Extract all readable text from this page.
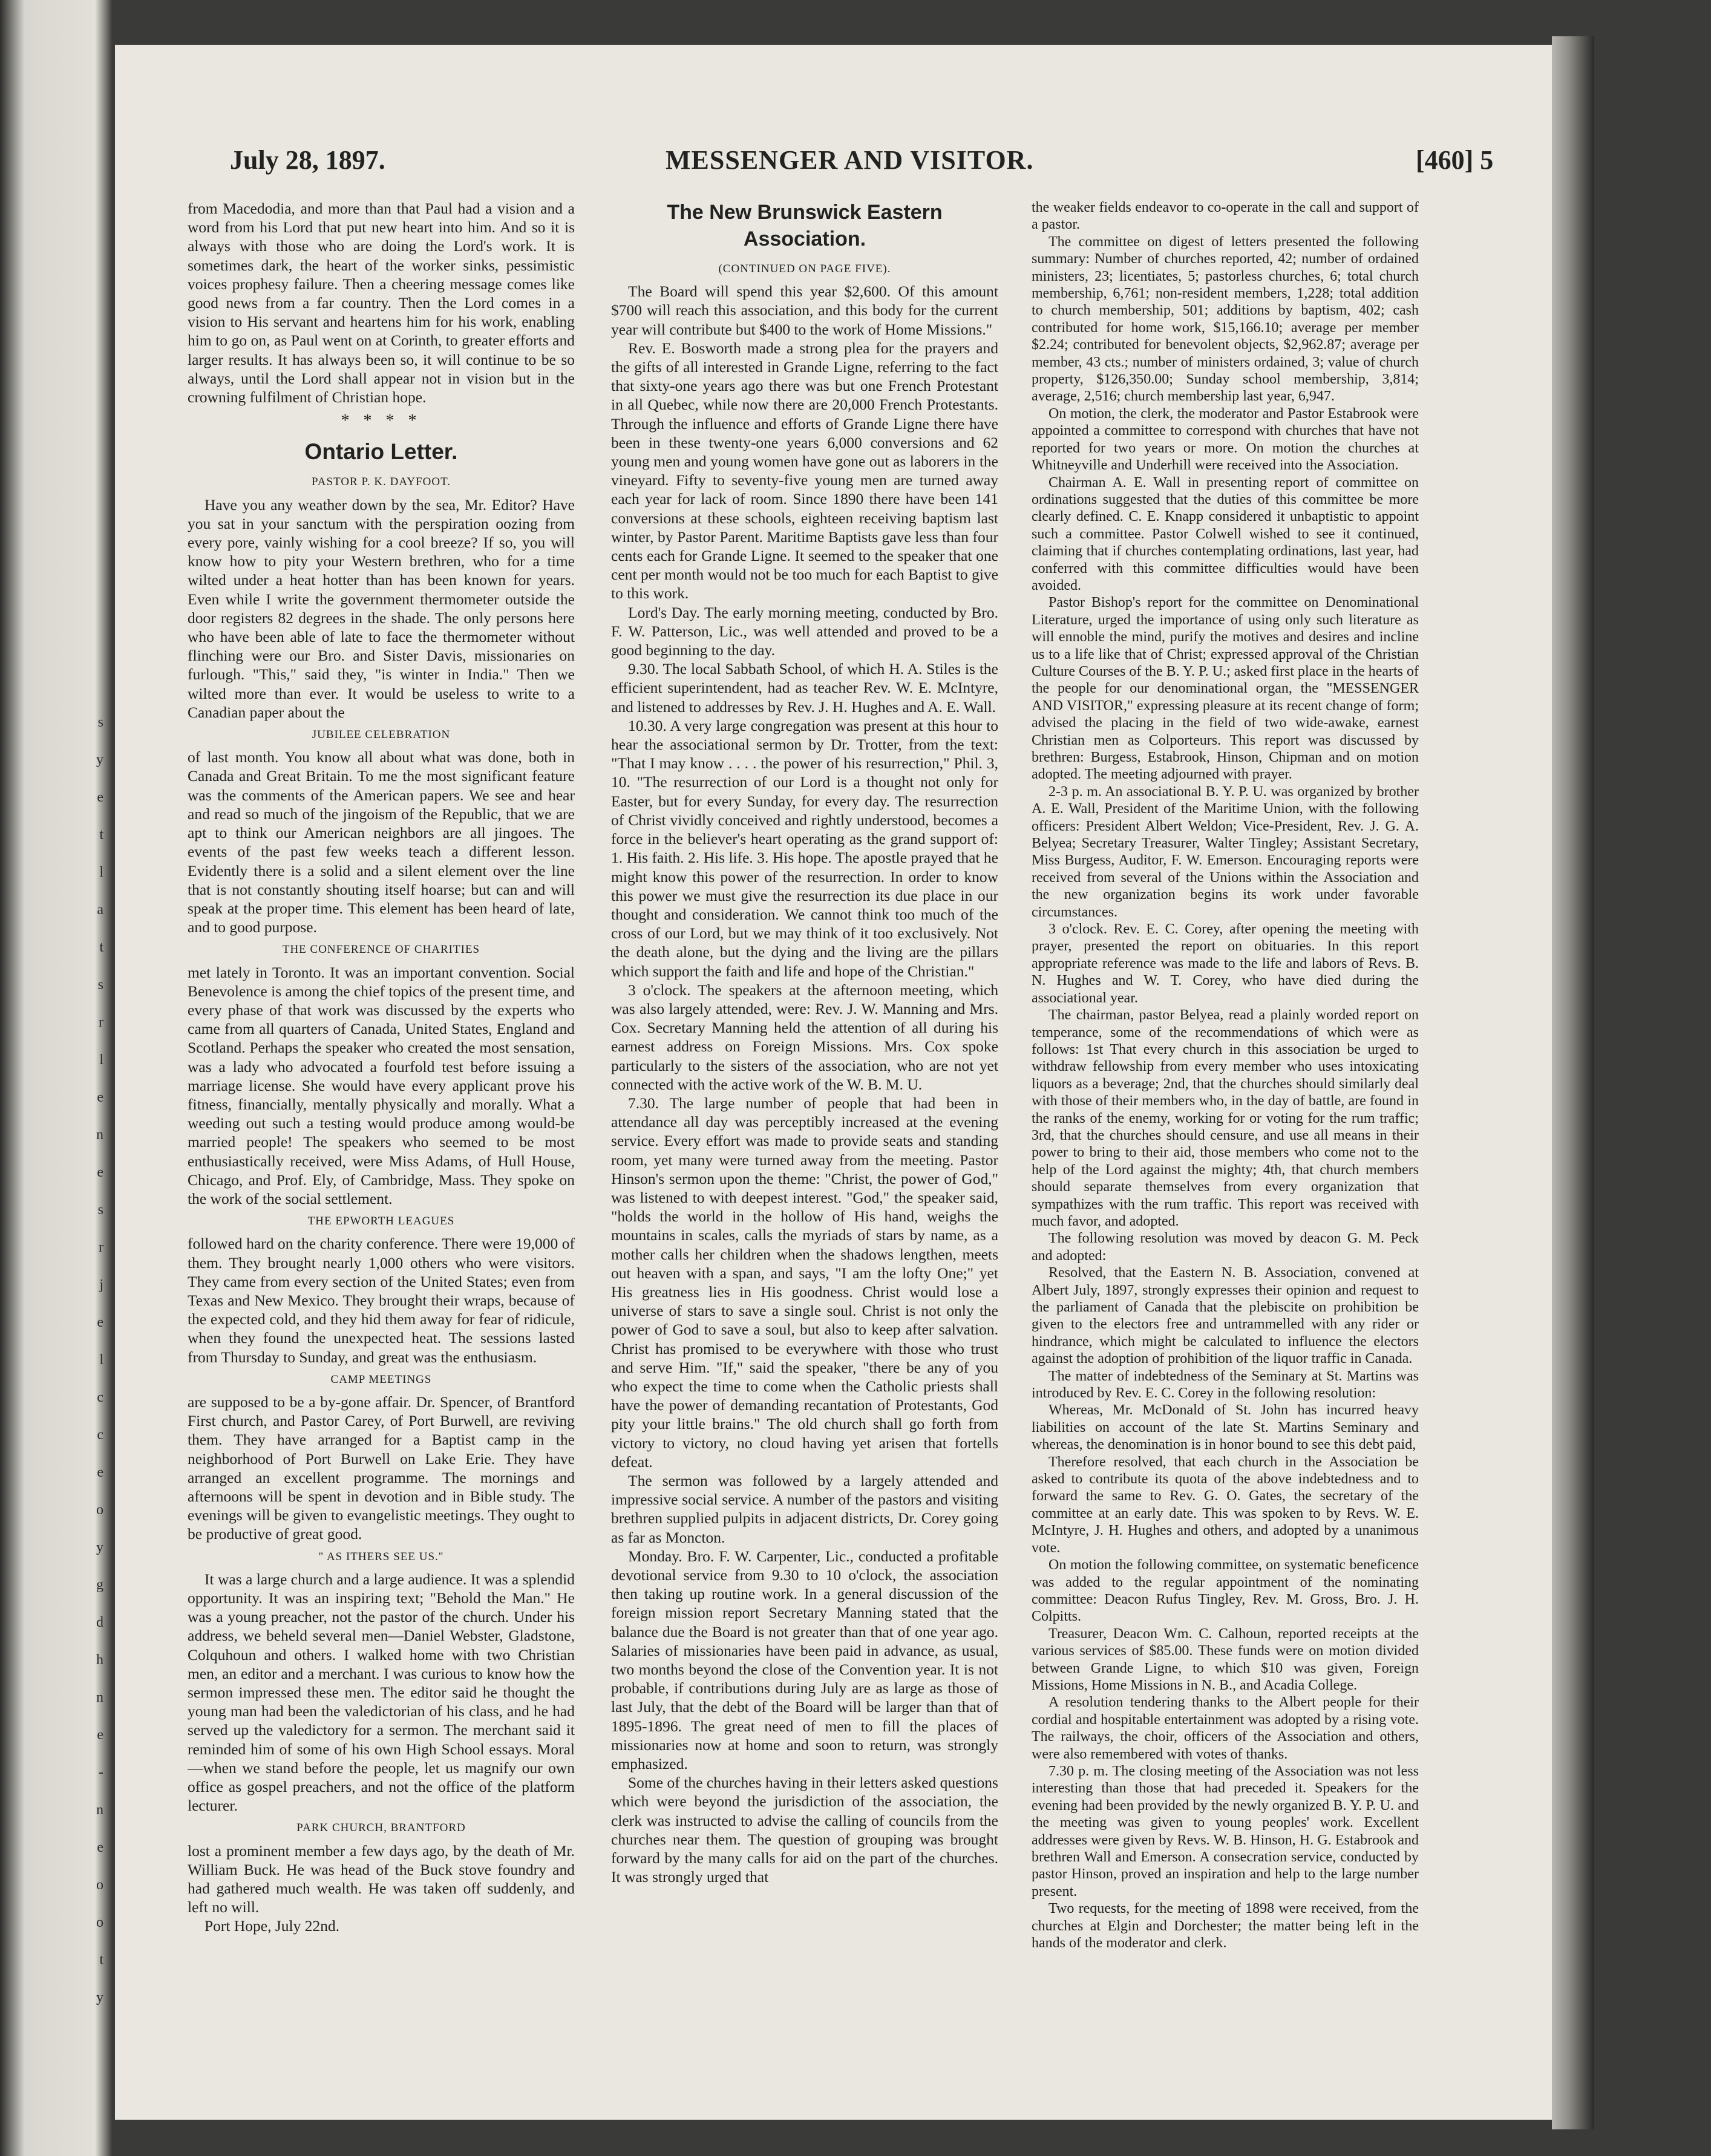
s
y
e
t
l
a
t
s
r
l
e
n
e
s
r
j
e
l
c
c
e
o
y
g
d
h
n
e
-
n
e
o
o
t
y
July 28, 1897.	MESSENGER AND VISITOR.	[460] 5

from Macedodia, and more than that Paul had a vision and a word from his Lord that put new heart into him. And so it is always with those who are doing the Lord's work. It is sometimes dark, the heart of the worker sinks, pessimistic voices prophesy failure. Then a cheering message comes like good news from a far country. Then the Lord comes in a vision to His servant and heartens him for his work, enabling him to go on, as Paul went on at Corinth, to greater efforts and larger results. It has always been so, it will continue to be so always, until the Lord shall appear not in vision but in the crowning fulfilment of Christian hope.

* * * *
Ontario Letter.
PASTOR P. K. DAYFOOT.

Have you any weather down by the sea, Mr. Editor? Have you sat in your sanctum with the perspiration oozing from every pore, vainly wishing for a cool breeze? If so, you will know how to pity your Western brethren, who for a time wilted under a heat hotter than has been known for years. Even while I write the government thermometer outside the door registers 82 degrees in the shade. The only persons here who have been able of late to face the thermometer without flinching were our Bro. and Sister Davis, missionaries on furlough. "This," said they, "is winter in India." Then we wilted more than ever. It would be useless to write to a Canadian paper about the

JUBILEE CELEBRATION

of last month. You know all about what was done, both in Canada and Great Britain. To me the most significant feature was the comments of the American papers. We see and hear and read so much of the jingoism of the Republic, that we are apt to think our American neighbors are all jingoes. The events of the past few weeks teach a different lesson. Evidently there is a solid and a silent element over the line that is not constantly shouting itself hoarse; but can and will speak at the proper time. This element has been heard of late, and to good purpose.

THE CONFERENCE OF CHARITIES

met lately in Toronto. It was an important convention. Social Benevolence is among the chief topics of the present time, and every phase of that work was discussed by the experts who came from all quarters of Canada, United States, England and Scotland. Perhaps the speaker who created the most sensation, was a lady who advocated a fourfold test before issuing a marriage license. She would have every applicant prove his fitness, financially, mentally physically and morally. What a weeding out such a testing would produce among would-be married people! The speakers who seemed to be most enthusiastically received, were Miss Adams, of Hull House, Chicago, and Prof. Ely, of Cambridge, Mass. They spoke on the work of the social settlement.

THE EPWORTH LEAGUES

followed hard on the charity conference. There were 19,000 of them. They brought nearly 1,000 others who were visitors. They came from every section of the United States; even from Texas and New Mexico. They brought their wraps, because of the expected cold, and they hid them away for fear of ridicule, when they found the unexpected heat. The sessions lasted from Thursday to Sunday, and great was the enthusiasm.

CAMP MEETINGS

are supposed to be a by-gone affair. Dr. Spencer, of Brantford First church, and Pastor Carey, of Port Burwell, are reviving them. They have arranged for a Baptist camp in the neighborhood of Port Burwell on Lake Erie. They have arranged an excellent programme. The mornings and afternoons will be spent in devotion and in Bible study. The evenings will be given to evangelistic meetings. They ought to be productive of great good.

" AS ITHERS SEE US."

It was a large church and a large audience. It was a splendid opportunity. It was an inspiring text; "Behold the Man." He was a young preacher, not the pastor of the church. Under his address, we beheld several men—Daniel Webster, Gladstone, Colquhoun and others. I walked home with two Christian men, an editor and a merchant. I was curious to know how the sermon impressed these men. The editor said he thought the young man had been the valedictorian of his class, and he had served up the valedictory for a sermon. The merchant said it reminded him of some of his own High School essays. Moral—when we stand before the people, let us magnify our own office as gospel preachers, and not the office of the platform lecturer.

PARK CHURCH, BRANTFORD

lost a prominent member a few days ago, by the death of Mr. William Buck. He was head of the Buck stove foundry and had gathered much wealth. He was taken off suddenly, and left no will.

Port Hope, July 22nd.

The New Brunswick Eastern Association.
(CONTINUED ON PAGE FIVE).

The Board will spend this year $2,600. Of this amount $700 will reach this association, and this body for the current year will contribute but $400 to the work of Home Missions."

Rev. E. Bosworth made a strong plea for the prayers and the gifts of all interested in Grande Ligne, referring to the fact that sixty-one years ago there was but one French Protestant in all Quebec, while now there are 20,000 French Protestants. Through the influence and efforts of Grande Ligne there have been in these twenty-one years 6,000 conversions and 62 young men and young women have gone out as laborers in the vineyard. Fifty to seventy-five young men are turned away each year for lack of room. Since 1890 there have been 141 conversions at these schools, eighteen receiving baptism last winter, by Pastor Parent. Maritime Baptists gave less than four cents each for Grande Ligne. It seemed to the speaker that one cent per month would not be too much for each Baptist to give to this work.

Lord's Day. The early morning meeting, conducted by Bro. F. W. Patterson, Lic., was well attended and proved to be a good beginning to the day.

9.30. The local Sabbath School, of which H. A. Stiles is the efficient superintendent, had as teacher Rev. W. E. McIntyre, and listened to addresses by Rev. J. H. Hughes and A. E. Wall.

10.30. A very large congregation was present at this hour to hear the associational sermon by Dr. Trotter, from the text: "That I may know . . . . the power of his resurrection," Phil. 3, 10. "The resurrection of our Lord is a thought not only for Easter, but for every Sunday, for every day. The resurrection of Christ vividly conceived and rightly understood, becomes a force in the believer's heart operating as the grand support of: 1. His faith. 2. His life. 3. His hope. The apostle prayed that he might know this power of the resurrection. In order to know this power we must give the resurrection its due place in our thought and consideration. We cannot think too much of the cross of our Lord, but we may think of it too exclusively. Not the death alone, but the dying and the living are the pillars which support the faith and life and hope of the Christian."

3 o'clock. The speakers at the afternoon meeting, which was also largely attended, were: Rev. J. W. Manning and Mrs. Cox. Secretary Manning held the attention of all during his earnest address on Foreign Missions. Mrs. Cox spoke particularly to the sisters of the association, who are not yet connected with the active work of the W. B. M. U.

7.30. The large number of people that had been in attendance all day was perceptibly increased at the evening service. Every effort was made to provide seats and standing room, yet many were turned away from the meeting. Pastor Hinson's sermon upon the theme: "Christ, the power of God," was listened to with deepest interest. "God," the speaker said, "holds the world in the hollow of His hand, weighs the mountains in scales, calls the myriads of stars by name, as a mother calls her children when the shadows lengthen, meets out heaven with a span, and says, "I am the lofty One;" yet His greatness lies in His goodness. Christ would lose a universe of stars to save a single soul. Christ is not only the power of God to save a soul, but also to keep after salvation. Christ has promised to be everywhere with those who trust and serve Him. "If," said the speaker, "there be any of you who expect the time to come when the Catholic priests shall have the power of demanding recantation of Protestants, God pity your little brains." The old church shall go forth from victory to victory, no cloud having yet arisen that fortells defeat.

The sermon was followed by a largely attended and impressive social service. A number of the pastors and visiting brethren supplied pulpits in adjacent districts, Dr. Corey going as far as Moncton.

Monday. Bro. F. W. Carpenter, Lic., conducted a profitable devotional service from 9.30 to 10 o'clock, the association then taking up routine work. In a general discussion of the foreign mission report Secretary Manning stated that the balance due the Board is not greater than that of one year ago. Salaries of missionaries have been paid in advance, as usual, two months beyond the close of the Convention year. It is not probable, if contributions during July are as large as those of last July, that the debt of the Board will be larger than that of 1895-1896. The great need of men to fill the places of missionaries now at home and soon to return, was strongly emphasized.

Some of the churches having in their letters asked questions which were beyond the jurisdiction of the association, the clerk was instructed to advise the calling of councils from the churches near them. The question of grouping was brought forward by the many calls for aid on the part of the churches. It was strongly urged that

the weaker fields endeavor to co-operate in the call and support of a pastor.

The committee on digest of letters presented the following summary: Number of churches reported, 42; number of ordained ministers, 23; licentiates, 5; pastorless churches, 6; total church membership, 6,761; non-resident members, 1,228; total addition to church membership, 501; additions by baptism, 402; cash contributed for home work, $15,166.10; average per member $2.24; contributed for benevolent objects, $2,962.87; average per member, 43 cts.; number of ministers ordained, 3; value of church property, $126,350.00; Sunday school membership, 3,814; average, 2,516; church membership last year, 6,947.

On motion, the clerk, the moderator and Pastor Estabrook were appointed a committee to correspond with churches that have not reported for two years or more. On motion the churches at Whitneyville and Underhill were received into the Association.

Chairman A. E. Wall in presenting report of committee on ordinations suggested that the duties of this committee be more clearly defined. C. E. Knapp considered it unbaptistic to appoint such a committee. Pastor Colwell wished to see it continued, claiming that if churches contemplating ordinations, last year, had conferred with this committee difficulties would have been avoided.

Pastor Bishop's report for the committee on Denominational Literature, urged the importance of using only such literature as will ennoble the mind, purify the motives and desires and incline us to a life like that of Christ; expressed approval of the Christian Culture Courses of the B. Y. P. U.; asked first place in the hearts of the people for our denominational organ, the "MESSENGER AND VISITOR," expressing pleasure at its recent change of form; advised the placing in the field of two wide-awake, earnest Christian men as Colporteurs. This report was discussed by brethren: Burgess, Estabrook, Hinson, Chipman and on motion adopted. The meeting adjourned with prayer.

2-3 p. m. An associational B. Y. P. U. was organized by brother A. E. Wall, President of the Maritime Union, with the following officers: President Albert Weldon; Vice-President, Rev. J. G. A. Belyea; Secretary Treasurer, Walter Tingley; Assistant Secretary, Miss Burgess, Auditor, F. W. Emerson. Encouraging reports were received from several of the Unions within the Association and the new organization begins its work under favorable circumstances.

3 o'clock. Rev. E. C. Corey, after opening the meeting with prayer, presented the report on obituaries. In this report appropriate reference was made to the life and labors of Revs. B. N. Hughes and W. T. Corey, who have died during the associational year.

The chairman, pastor Belyea, read a plainly worded report on temperance, some of the recommendations of which were as follows: 1st That every church in this association be urged to withdraw fellowship from every member who uses intoxicating liquors as a beverage; 2nd, that the churches should similarly deal with those of their members who, in the day of battle, are found in the ranks of the enemy, working for or voting for the rum traffic; 3rd, that the churches should censure, and use all means in their power to bring to their aid, those members who come not to the help of the Lord against the mighty; 4th, that church members should separate themselves from every organization that sympathizes with the rum traffic. This report was received with much favor, and adopted.

The following resolution was moved by deacon G. M. Peck and adopted:

Resolved, that the Eastern N. B. Association, convened at Albert July, 1897, strongly expresses their opinion and request to the parliament of Canada that the plebiscite on prohibition be given to the electors free and untrammelled with any rider or hindrance, which might be calculated to influence the electors against the adoption of prohibition of the liquor traffic in Canada.

The matter of indebtedness of the Seminary at St. Martins was introduced by Rev. E. C. Corey in the following resolution:

Whereas, Mr. McDonald of St. John has incurred heavy liabilities on account of the late St. Martins Seminary and whereas, the denomination is in honor bound to see this debt paid,

Therefore resolved, that each church in the Association be asked to contribute its quota of the above indebtedness and to forward the same to Rev. G. O. Gates, the secretary of the committee at an early date. This was spoken to by Revs. W. E. McIntyre, J. H. Hughes and others, and adopted by a unanimous vote.

On motion the following committee, on systematic beneficence was added to the regular appointment of the nominating committee: Deacon Rufus Tingley, Rev. M. Gross, Bro. J. H. Colpitts.

Treasurer, Deacon Wm. C. Calhoun, reported receipts at the various services of $85.00. These funds were on motion divided between Grande Ligne, to which $10 was given, Foreign Missions, Home Missions in N. B., and Acadia College.

A resolution tendering thanks to the Albert people for their cordial and hospitable entertainment was adopted by a rising vote. The railways, the choir, officers of the Association and others, were also remembered with votes of thanks.

7.30 p. m. The closing meeting of the Association was not less interesting than those that had preceded it. Speakers for the evening had been provided by the newly organized B. Y. P. U. and the meeting was given to young peoples' work. Excellent addresses were given by Revs. W. B. Hinson, H. G. Estabrook and brethren Wall and Emerson. A consecration service, conducted by pastor Hinson, proved an inspiration and help to the large number present.

Two requests, for the meeting of 1898 were received, from the churches at Elgin and Dorchester; the matter being left in the hands of the moderator and clerk.
